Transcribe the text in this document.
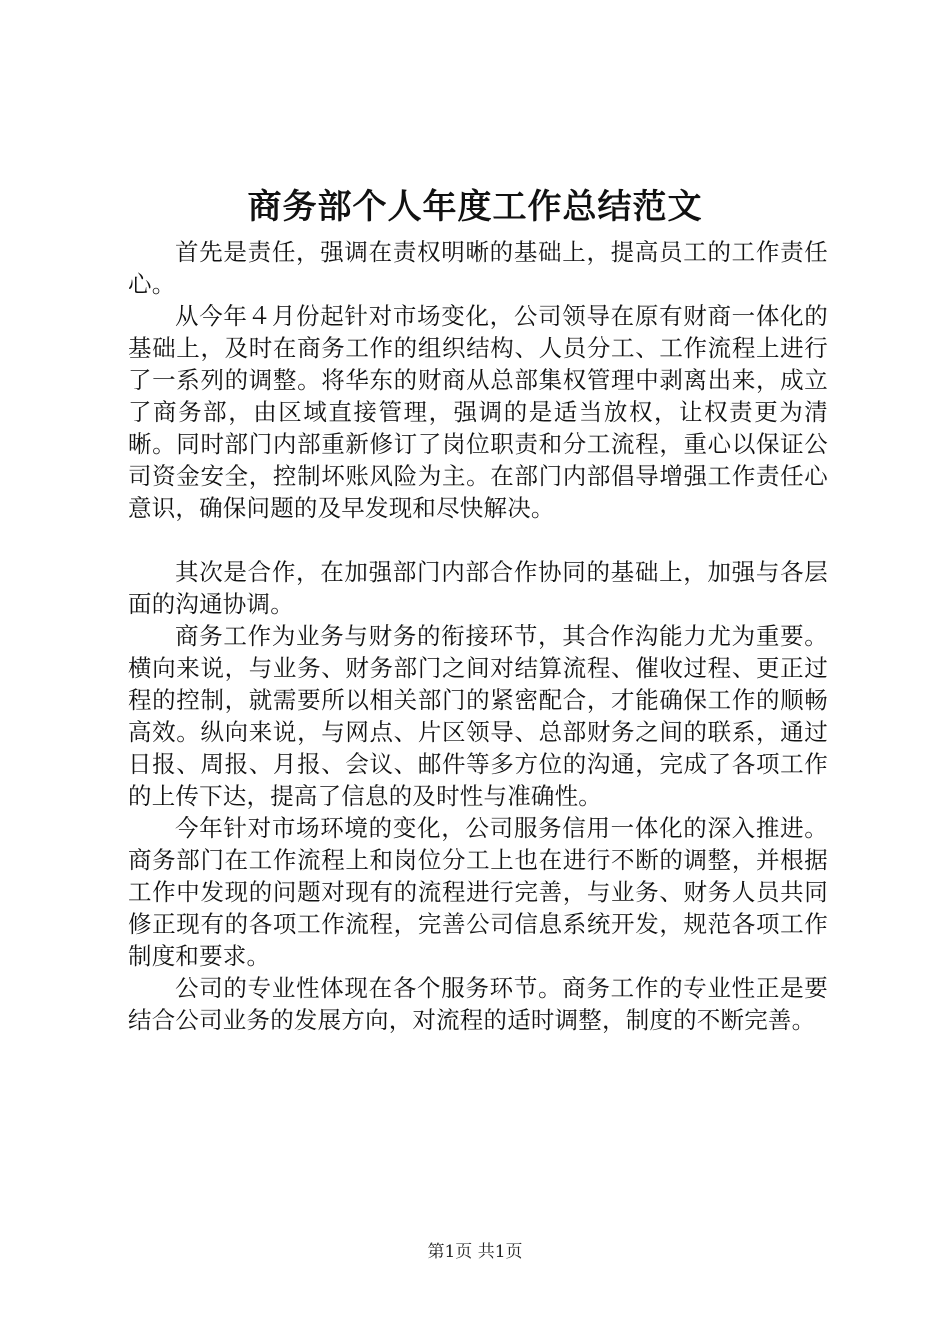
商务部个人年度工作总结范文

首先是责任，强调在责权明晰的基础上，提高员工的工作责任心。

从今年４月份起针对市场变化，公司领导在原有财商一体化的基础上，及时在商务工作的组织结构、人员分工、工作流程上进行了一系列的调整。将华东的财商从总部集权管理中剥离出来，成立了商务部，由区域直接管理，强调的是适当放权，让权责更为清晰。同时部门内部重新修订了岗位职责和分工流程，重心以保证公司资金安全，控制坏账风险为主。在部门内部倡导增强工作责任心意识，确保问题的及早发现和尽快解决。

其次是合作，在加强部门内部合作协同的基础上，加强与各层面的沟通协调。

商务工作为业务与财务的衔接环节，其合作沟能力尤为重要。横向来说，与业务、财务部门之间对结算流程、催收过程、更正过程的控制，就需要所以相关部门的紧密配合，才能确保工作的顺畅高效。纵向来说，与网点、片区领导、总部财务之间的联系，通过日报、周报、月报、会议、邮件等多方位的沟通，完成了各项工作的上传下达，提高了信息的及时性与准确性。

今年针对市场环境的变化，公司服务信用一体化的深入推进。商务部门在工作流程上和岗位分工上也在进行不断的调整，并根据工作中发现的问题对现有的流程进行完善，与业务、财务人员共同修正现有的各项工作流程，完善公司信息系统开发，规范各项工作制度和要求。

公司的专业性体现在各个服务环节。商务工作的专业性正是要结合公司业务的发展方向，对流程的适时调整，制度的不断完善。

第1页 共1页
